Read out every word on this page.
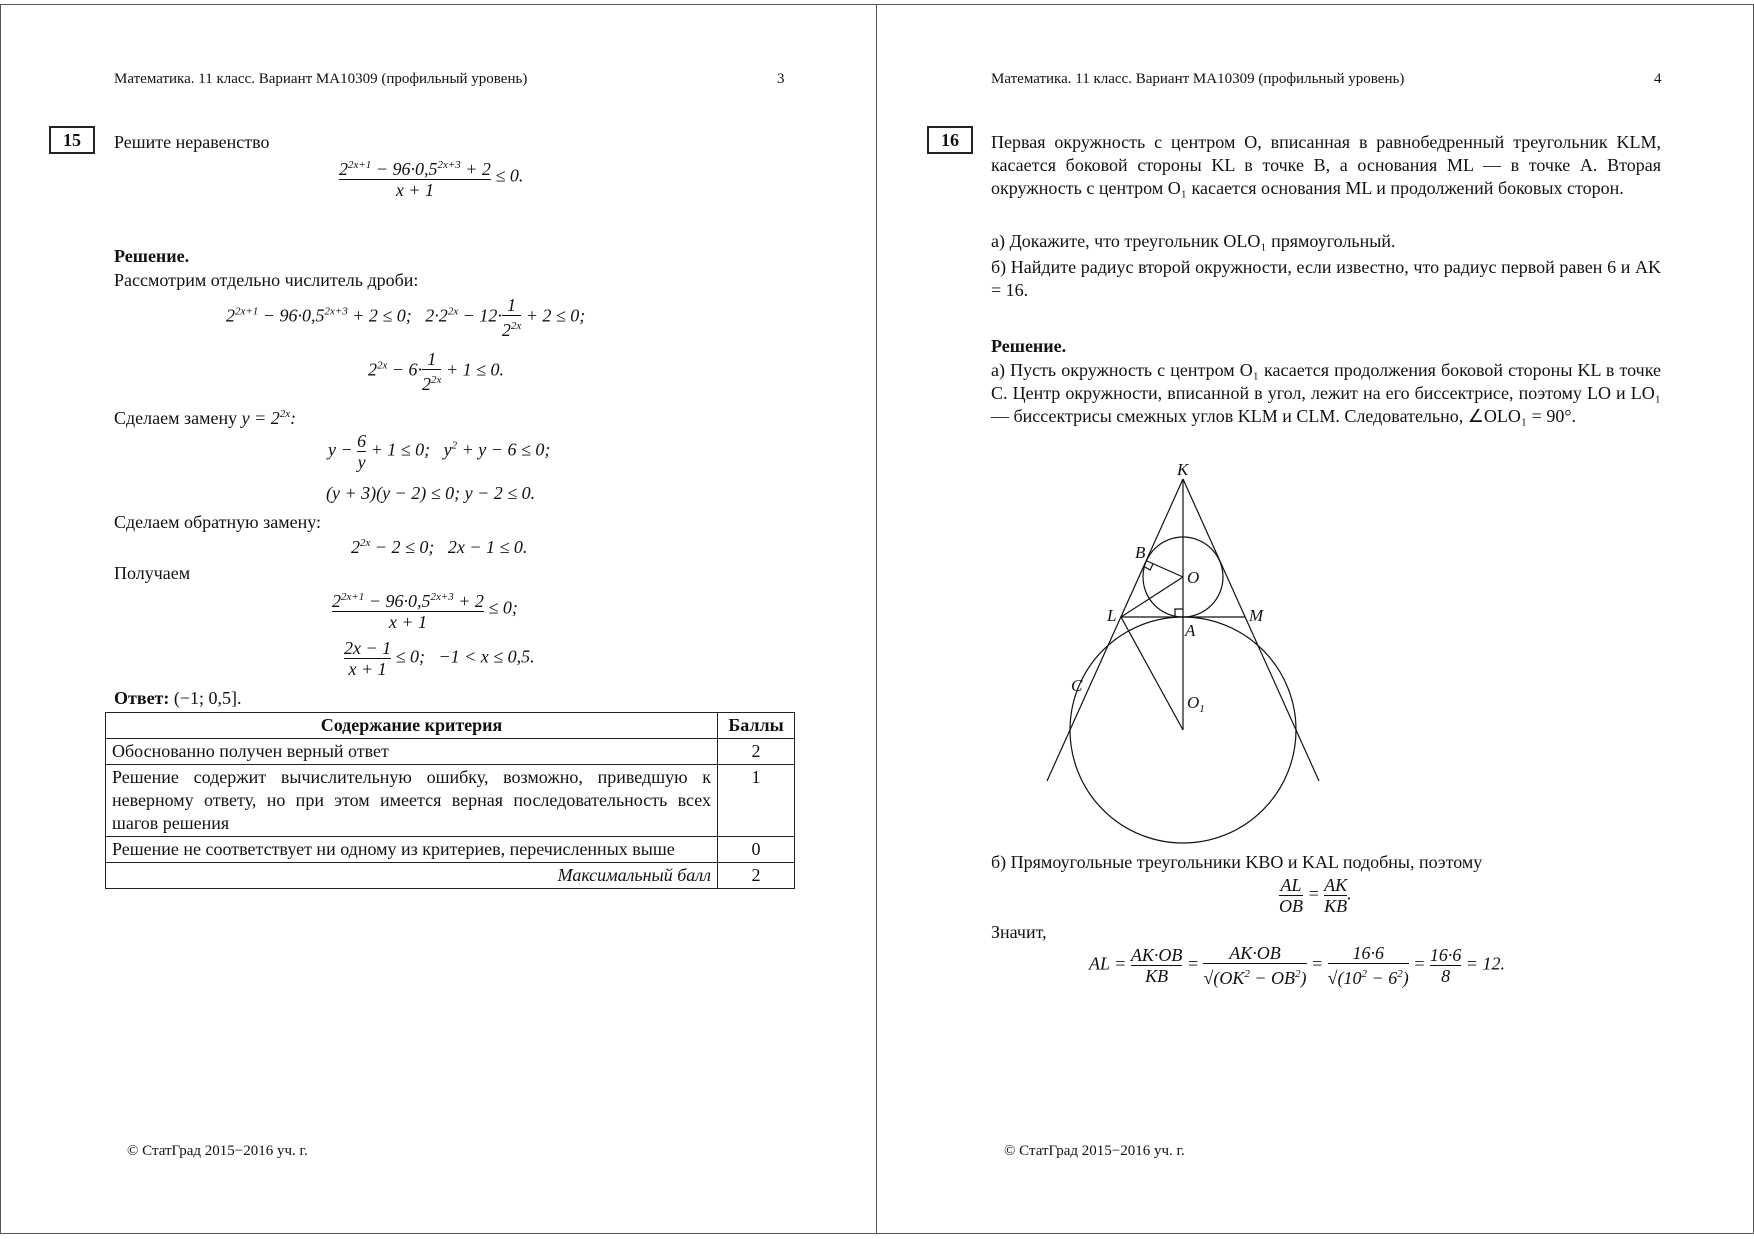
Математика. 11 класс. Вариант МА10309 (профильный уровень)	3
15	Решите неравенство
$\frac{2^{2x+1} - 96\cdot 0,5^{2x+3} + 2}{x + 1} \le 0$.
Решение.
Рассмотрим отдельно числитель дроби:
$2^{2x+1} - 96\cdot 0,5^{2x+3} + 2 \le 0$;   $2\cdot 2^{2x} - 12\cdot \frac{1}{2^{2x}} + 2 \le 0$;
$2^{2x} - 6\cdot \frac{1}{2^{2x}} + 1 \le 0$.
Сделаем замену $y = 2^{2x}$:
$y - \frac{6}{y} + 1 \le 0$;   $y^2 + y - 6 \le 0$;
(y + 3)(y − 2) ≤ 0; y − 2 ≤ 0.
Сделаем обратную замену:
$2^{2x} - 2 \le 0$;   2x − 1 ≤ 0.
Получаем
$\frac{2^{2x+1} - 96\cdot 0,5^{2x+3} + 2}{x + 1} \le 0$;
$\frac{2x - 1}{x + 1} \le 0$;   −1 < x ≤ 0,5.
Ответ: (−1; 0,5].
Содержание критерия	Баллы
Обоснованно получен верный ответ	2
Решение содержит вычислительную ошибку, возможно, приведшую к неверному ответу, но при этом имеется верная последовательность всех шагов решения	1
Решение не соответствует ни одному из критериев, перечисленных выше	0
Максимальный балл	2
© СтатГрад 2015−2016 уч. г.
Математика. 11 класс. Вариант МА10309 (профильный уровень)	4
16	Первая окружность с центром O, вписанная в равнобедренный треугольник KLM, касается боковой стороны KL в точке B, а основания ML — в точке A. Вторая окружность с центром O₁ касается основания ML и продолжений боковых сторон.
а) Докажите, что треугольник OLO₁ прямоугольный.
б) Найдите радиус второй окружности, если известно, что радиус первой равен 6 и AK = 16.
Решение.
а) Пусть окружность с центром O₁ касается продолжения боковой стороны KL в точке C. Центр окружности, вписанной в угол, лежит на его биссектрисе, поэтому LO и LO₁ — биссектрисы смежных углов KLM и CLM. Следовательно, ∠OLO₁ = 90°.
K
B
O
L	M
A
C
$O_1$
б) Прямоугольные треугольники KBO и KAL подобны, поэтому
$\frac{AL}{OB} = \frac{AK}{KB}$ .
Значит,
AL = $\frac{AK\cdot OB}{KB} = \frac{AK\cdot OB}{√(OK^2 - OB^2)} = \frac{16\cdot 6}{√(10^2 - 6^2)} = \frac{16\cdot 6}{8} = 12$.
© СтатГрад 2015−2016 уч. г.
